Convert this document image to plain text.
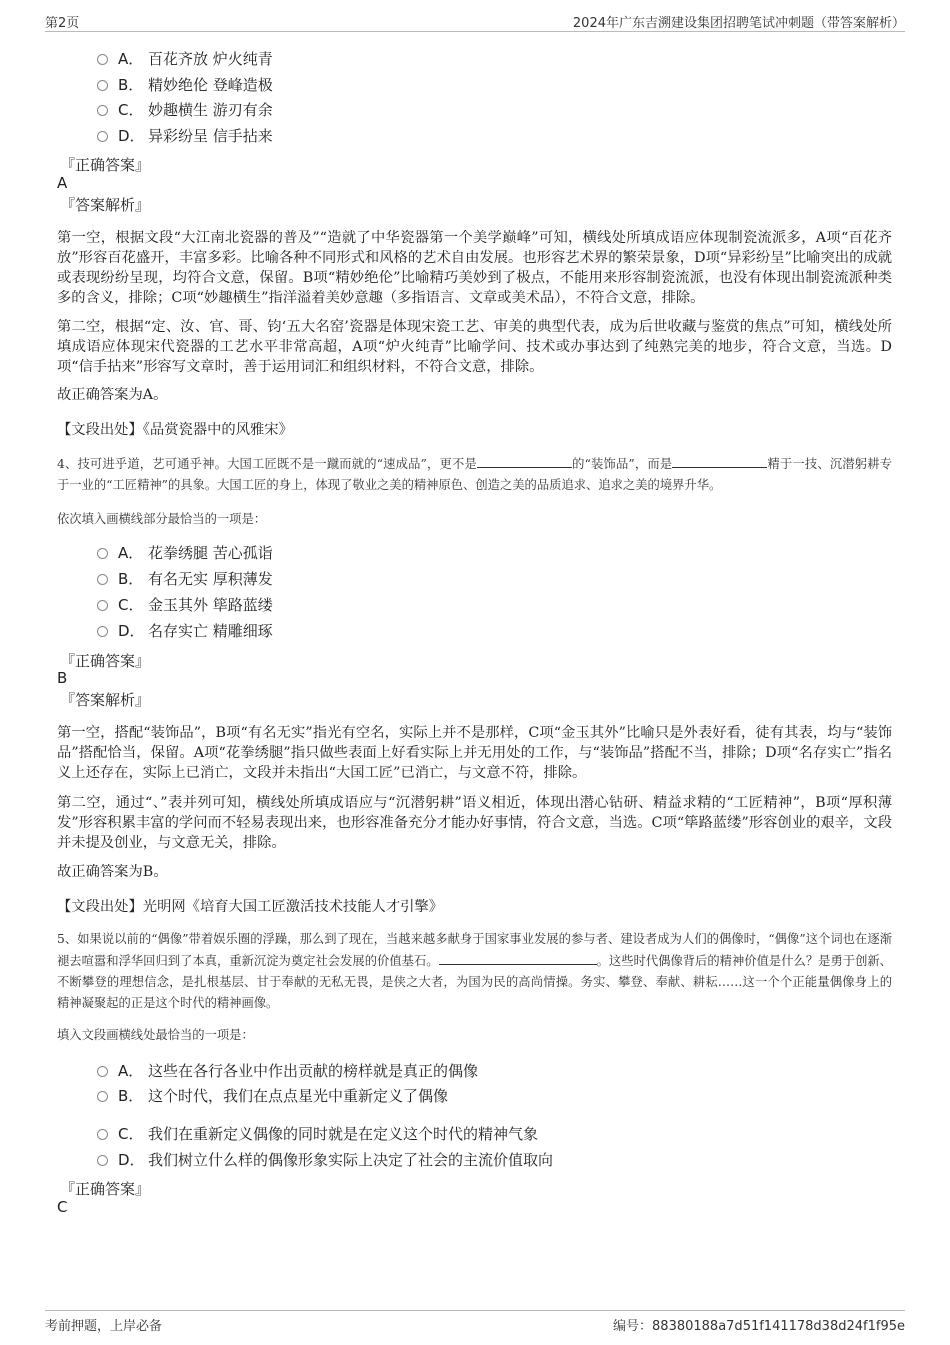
第2页	2024年广东吉溯建设集团招聘笔试冲刺题（带答案解析）
A． 百花齐放 炉火纯青
B． 精妙绝伦 登峰造极
C． 妙趣横生 游刃有余
D． 异彩纷呈 信手拈来
『正确答案』
A
『答案解析』
第一空，根据文段“大江南北瓷器的普及”“造就了中华瓷器第一个美学巅峰”可知，横线处所填成语应体现制瓷流派多，A项“百花齐放”形容百花盛开，丰富多彩。比喻各种不同形式和风格的艺术自由发展。也形容艺术界的繁荣景象，D项“异彩纷呈”比喻突出的成就或表现纷纷呈现，均符合文意，保留。B项“精妙绝伦”比喻精巧美妙到了极点，不能用来形容制瓷流派，也没有体现出制瓷流派种类多的含义，排除；C项“妙趣横生”指洋溢着美妙意趣（多指语言、文章或美术品），不符合文意，排除。
第二空，根据“定、汝、官、哥、钧‘五大名窑’瓷器是体现宋瓷工艺、审美的典型代表，成为后世收藏与鉴赏的焦点”可知，横线处所填成语应体现宋代瓷器的工艺水平非常高超，A项“炉火纯青”比喻学问、技术或办事达到了纯熟完美的地步，符合文意，当选。D项“信手拈来”形容写文章时，善于运用词汇和组织材料，不符合文意，排除。
故正确答案为A。
【文段出处】《品赏瓷器中的风雅宋》
4、技可进乎道，艺可通乎神。大国工匠既不是一蹴而就的“速成品”，更不是	的“装饰品”，而是	精于一技、沉潜躬耕专于一业的“工匠精神”的具象。大国工匠的身上，体现了敬业之美的精神原色、创造之美的品质追求、追求之美的境界升华。
依次填入画横线部分最恰当的一项是：
A． 花拳绣腿 苦心孤诣
B． 有名无实 厚积薄发
C． 金玉其外 筚路蓝缕
D． 名存实亡 精雕细琢
『正确答案』
B
『答案解析』
第一空，搭配“装饰品”，B项“有名无实”指光有空名，实际上并不是那样，C项“金玉其外”比喻只是外表好看，徒有其表，均与“装饰品”搭配恰当，保留。A项“花拳绣腿”指只做些表面上好看实际上并无用处的工作，与“装饰品”搭配不当，排除；D项“名存实亡”指名义上还存在，实际上已消亡，文段并未指出“大国工匠”已消亡，与文意不符，排除。
第二空，通过“、”表并列可知，横线处所填成语应与“沉潜躬耕”语义相近，体现出潜心钻研、精益求精的“工匠精神”，B项“厚积薄发”形容积累丰富的学问而不轻易表现出来，也形容准备充分才能办好事情，符合文意，当选。C项“筚路蓝缕”形容创业的艰辛，文段并未提及创业，与文意无关，排除。
故正确答案为B。
【文段出处】光明网《培育大国工匠激活技术技能人才引擎》
5、如果说以前的“偶像”带着娱乐圈的浮躁，那么到了现在，当越来越多献身于国家事业发展的参与者、建设者成为人们的偶像时，“偶像”这个词也在逐渐褪去喧嚣和浮华回归到了本真，重新沉淀为奠定社会发展的价值基石。	。这些时代偶像背后的精神价值是什么？是勇于创新、不断攀登的理想信念，是扎根基层、甘于奉献的无私无畏，是侠之大者，为国为民的高尚情操。务实、攀登、奉献、耕耘……这一个个正能量偶像身上的精神凝聚起的正是这个时代的精神画像。
填入文段画横线处最恰当的一项是：
A． 这些在各行各业中作出贡献的榜样就是真正的偶像
B． 这个时代，我们在点点星光中重新定义了偶像
C． 我们在重新定义偶像的同时就是在定义这个时代的精神气象
D． 我们树立什么样的偶像形象实际上决定了社会的主流价值取向
『正确答案』
C
考前押题，上岸必备	编号：88380188a7d51f141178d38d24f1f95e
